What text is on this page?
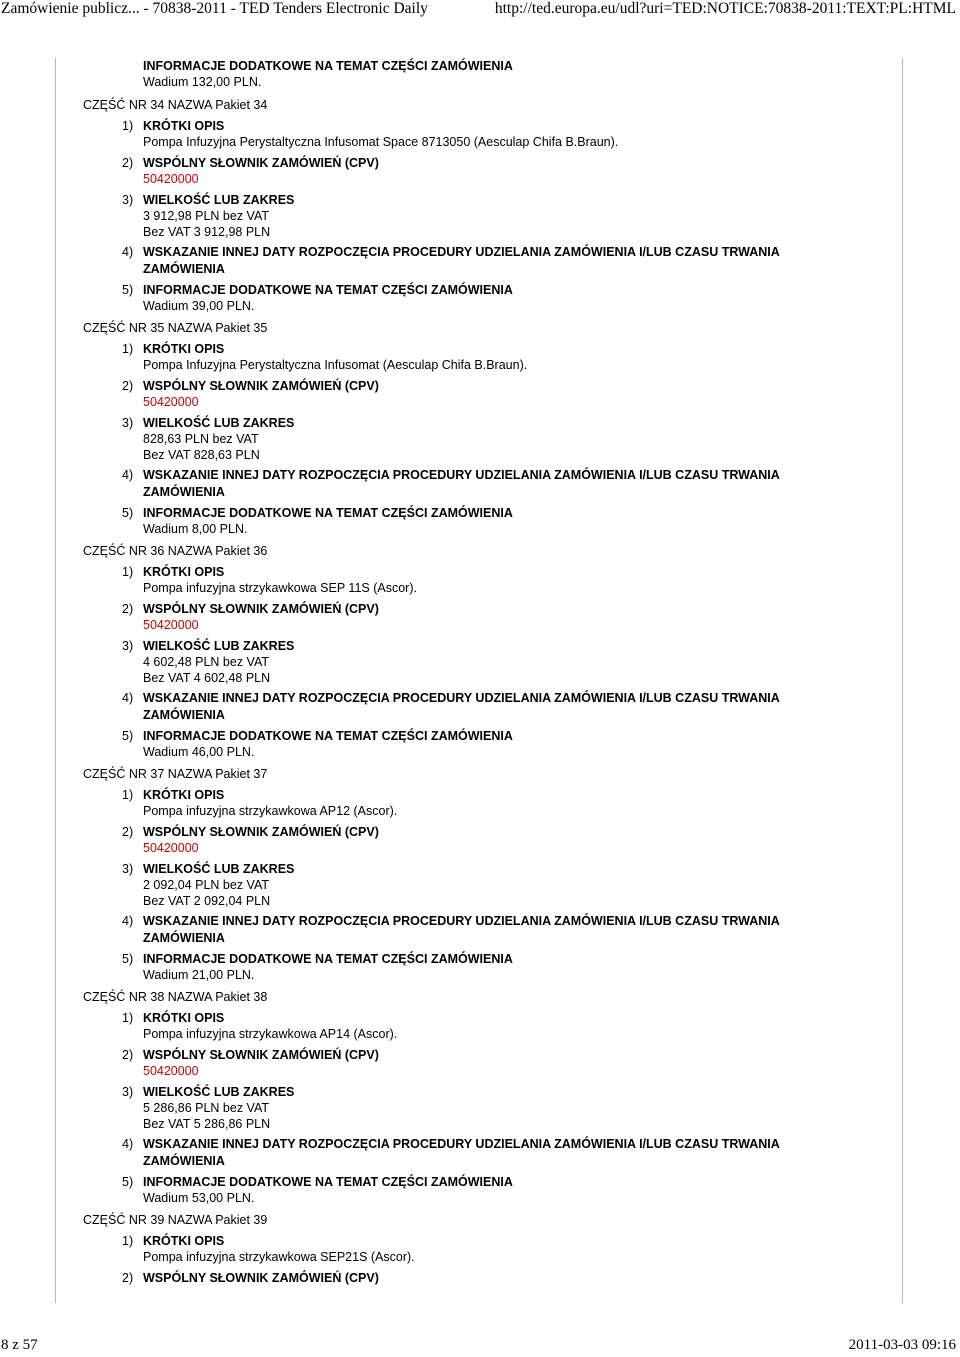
Zamówienie publicz... - 70838-2011 - TED Tenders Electronic Daily	http://ted.europa.eu/udl?uri=TED:NOTICE:70838-2011:TEXT:PL:HTML
INFORMACJE DODATKOWE NA TEMAT CZĘŚCI ZAMÓWIENIA
Wadium 132,00 PLN.
CZĘŚĆ NR 34 NAZWA Pakiet 34
1) KRÓTKI OPIS
Pompa Infuzyjna Perystaltyczna Infusomat Space 8713050 (Aesculap Chifa B.Braun).
2) WSPÓLNY SŁOWNIK ZAMÓWIEŃ (CPV)
50420000
3) WIELKOŚĆ LUB ZAKRES
3 912,98 PLN bez VAT
Bez VAT 3 912,98 PLN
4) WSKAZANIE INNEJ DATY ROZPOCZĘCIA PROCEDURY UDZIELANIA ZAMÓWIENIA I/LUB CZASU TRWANIA
ZAMÓWIENIA
5) INFORMACJE DODATKOWE NA TEMAT CZĘŚCI ZAMÓWIENIA
Wadium 39,00 PLN.
CZĘŚĆ NR 35 NAZWA Pakiet 35
1) KRÓTKI OPIS
Pompa Infuzyjna Perystaltyczna Infusomat (Aesculap Chifa B.Braun).
2) WSPÓLNY SŁOWNIK ZAMÓWIEŃ (CPV)
50420000
3) WIELKOŚĆ LUB ZAKRES
828,63 PLN bez VAT
Bez VAT 828,63 PLN
4) WSKAZANIE INNEJ DATY ROZPOCZĘCIA PROCEDURY UDZIELANIA ZAMÓWIENIA I/LUB CZASU TRWANIA
ZAMÓWIENIA
5) INFORMACJE DODATKOWE NA TEMAT CZĘŚCI ZAMÓWIENIA
Wadium 8,00 PLN.
CZĘŚĆ NR 36 NAZWA Pakiet 36
1) KRÓTKI OPIS
Pompa infuzyjna strzykawkowa SEP 11S (Ascor).
2) WSPÓLNY SŁOWNIK ZAMÓWIEŃ (CPV)
50420000
3) WIELKOŚĆ LUB ZAKRES
4 602,48 PLN bez VAT
Bez VAT 4 602,48 PLN
4) WSKAZANIE INNEJ DATY ROZPOCZĘCIA PROCEDURY UDZIELANIA ZAMÓWIENIA I/LUB CZASU TRWANIA
ZAMÓWIENIA
5) INFORMACJE DODATKOWE NA TEMAT CZĘŚCI ZAMÓWIENIA
Wadium 46,00 PLN.
CZĘŚĆ NR 37 NAZWA Pakiet 37
1) KRÓTKI OPIS
Pompa infuzyjna strzykawkowa AP12 (Ascor).
2) WSPÓLNY SŁOWNIK ZAMÓWIEŃ (CPV)
50420000
3) WIELKOŚĆ LUB ZAKRES
2 092,04 PLN bez VAT
Bez VAT 2 092,04 PLN
4) WSKAZANIE INNEJ DATY ROZPOCZĘCIA PROCEDURY UDZIELANIA ZAMÓWIENIA I/LUB CZASU TRWANIA
ZAMÓWIENIA
5) INFORMACJE DODATKOWE NA TEMAT CZĘŚCI ZAMÓWIENIA
Wadium 21,00 PLN.
CZĘŚĆ NR 38 NAZWA Pakiet 38
1) KRÓTKI OPIS
Pompa infuzyjna strzykawkowa AP14 (Ascor).
2) WSPÓLNY SŁOWNIK ZAMÓWIEŃ (CPV)
50420000
3) WIELKOŚĆ LUB ZAKRES
5 286,86 PLN bez VAT
Bez VAT 5 286,86 PLN
4) WSKAZANIE INNEJ DATY ROZPOCZĘCIA PROCEDURY UDZIELANIA ZAMÓWIENIA I/LUB CZASU TRWANIA
ZAMÓWIENIA
5) INFORMACJE DODATKOWE NA TEMAT CZĘŚCI ZAMÓWIENIA
Wadium 53,00 PLN.
CZĘŚĆ NR 39 NAZWA Pakiet 39
1) KRÓTKI OPIS
Pompa infuzyjna strzykawkowa SEP21S (Ascor).
2) WSPÓLNY SŁOWNIK ZAMÓWIEŃ (CPV)
8 z 57	2011-03-03 09:16
